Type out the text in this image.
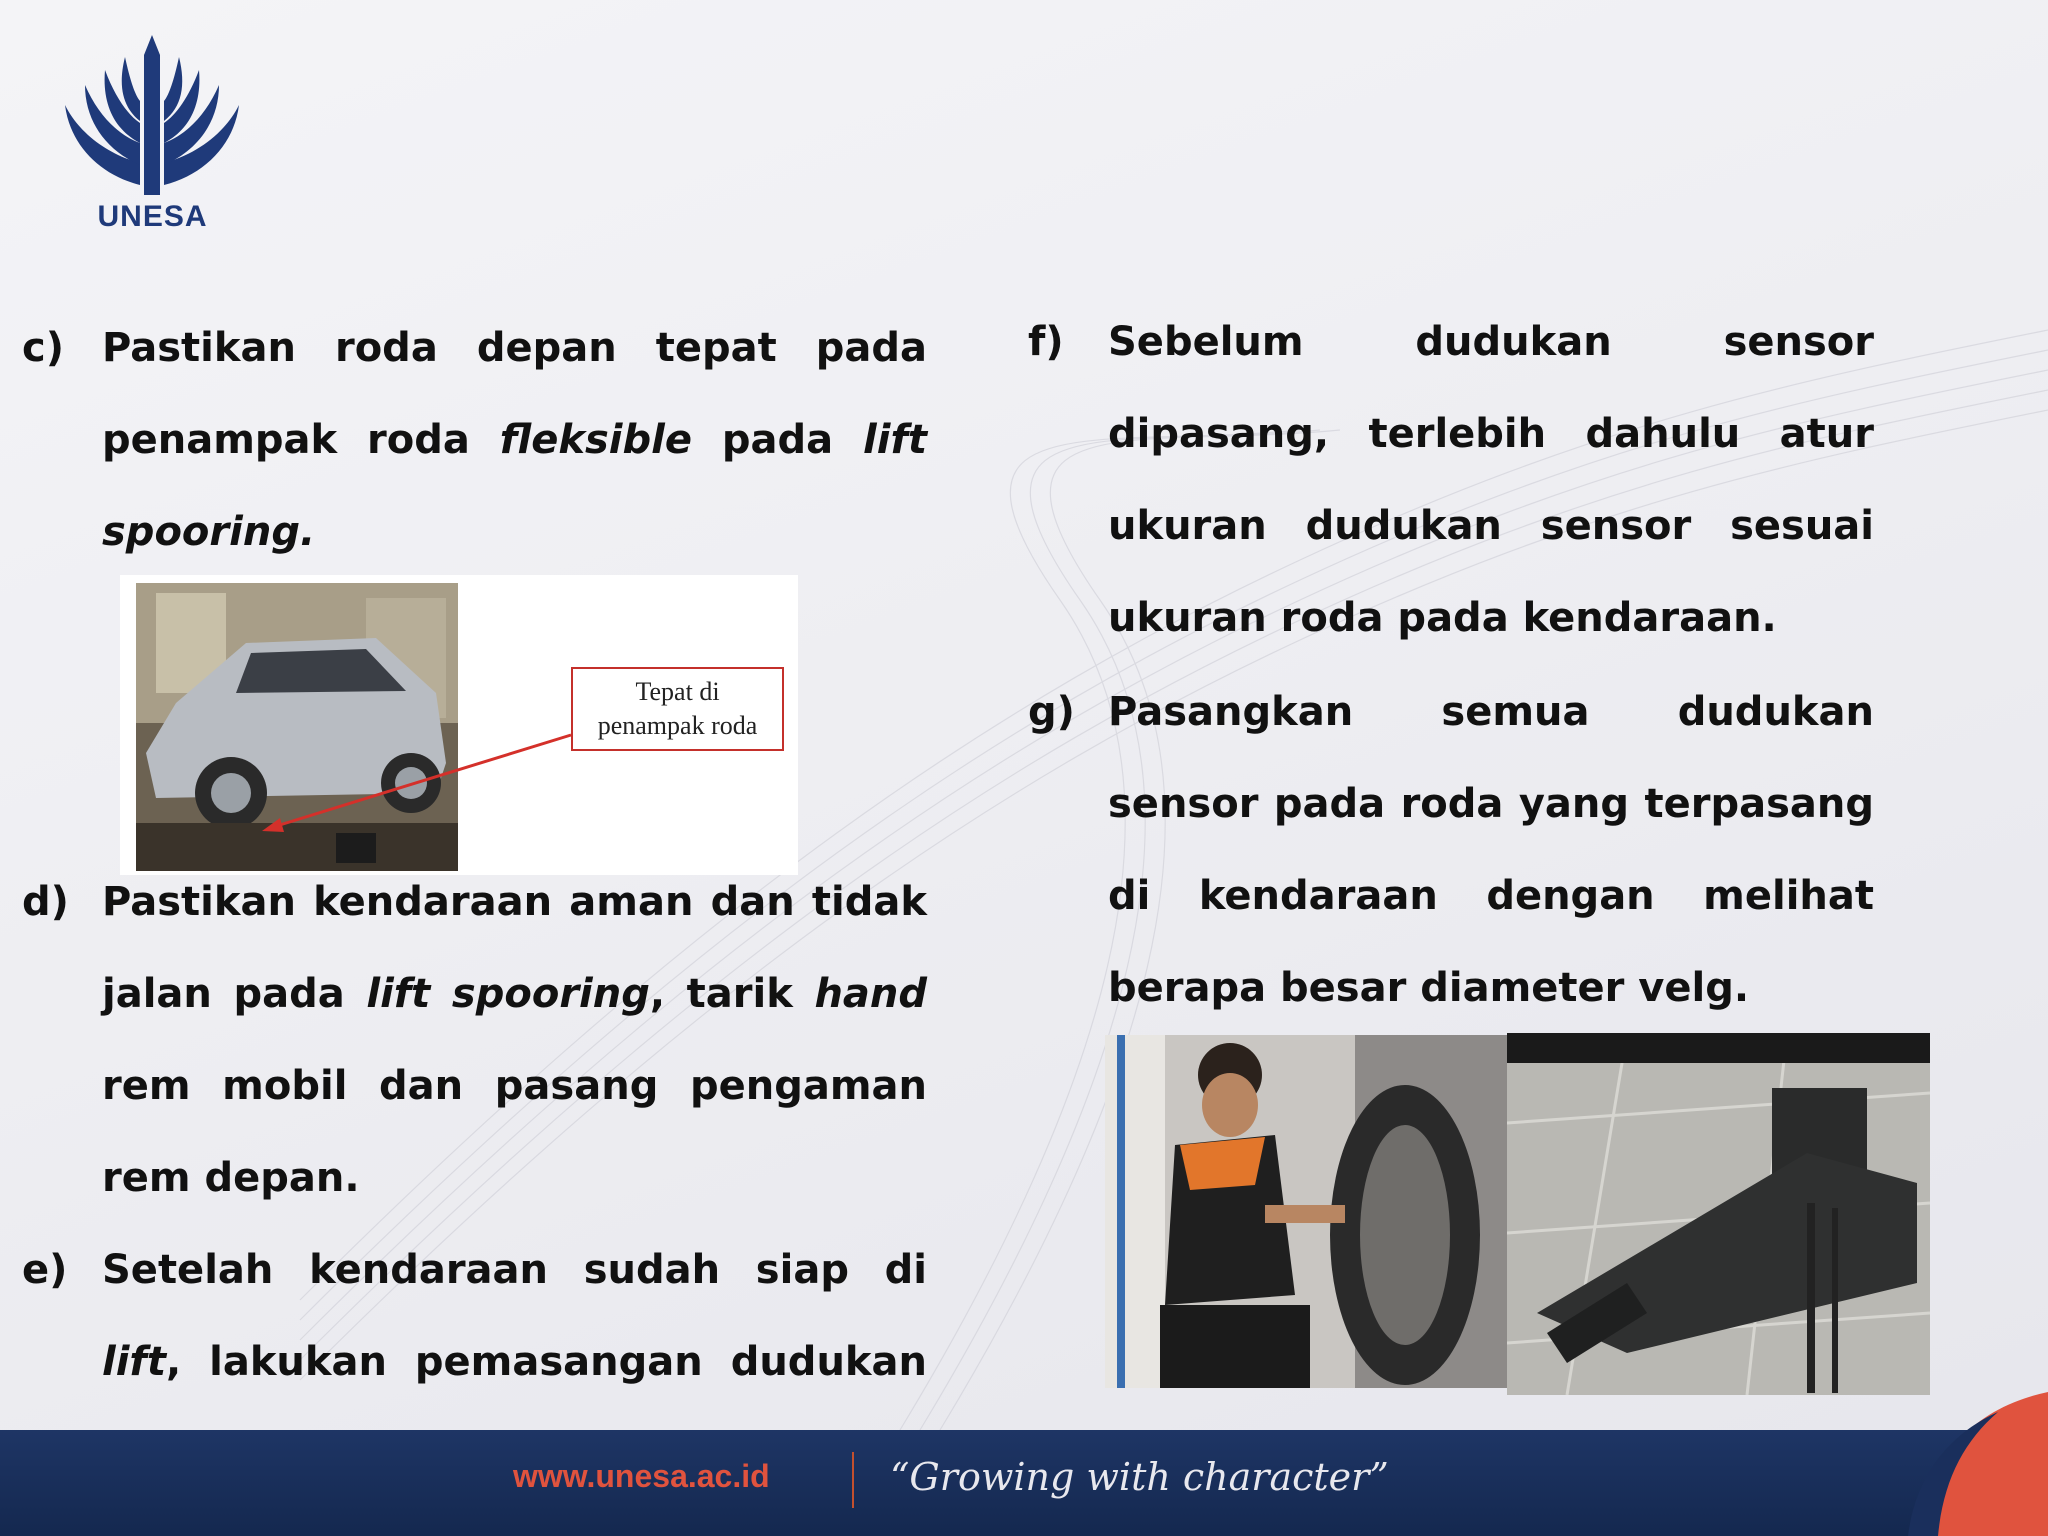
UNESA
c) Pastikan roda depan tepat pada penampak roda fleksible pada lift spooring.
Tepat di
penampak roda
d) Pastikan kendaraan aman dan tidak jalan pada lift spooring, tarik hand rem mobil dan pasang pengaman rem depan.
e) Setelah kendaraan sudah siap di lift, lakukan pemasangan dudukan
f) Sebelum dudukan sensor dipasang, terlebih dahulu atur ukuran dudukan sensor sesuai ukuran roda pada kendaraan.
g) Pasangkan semua dudukan sensor pada roda yang terpasang di kendaraan dengan melihat berapa besar diameter velg.
www.unesa.ac.id	“Growing with character”
